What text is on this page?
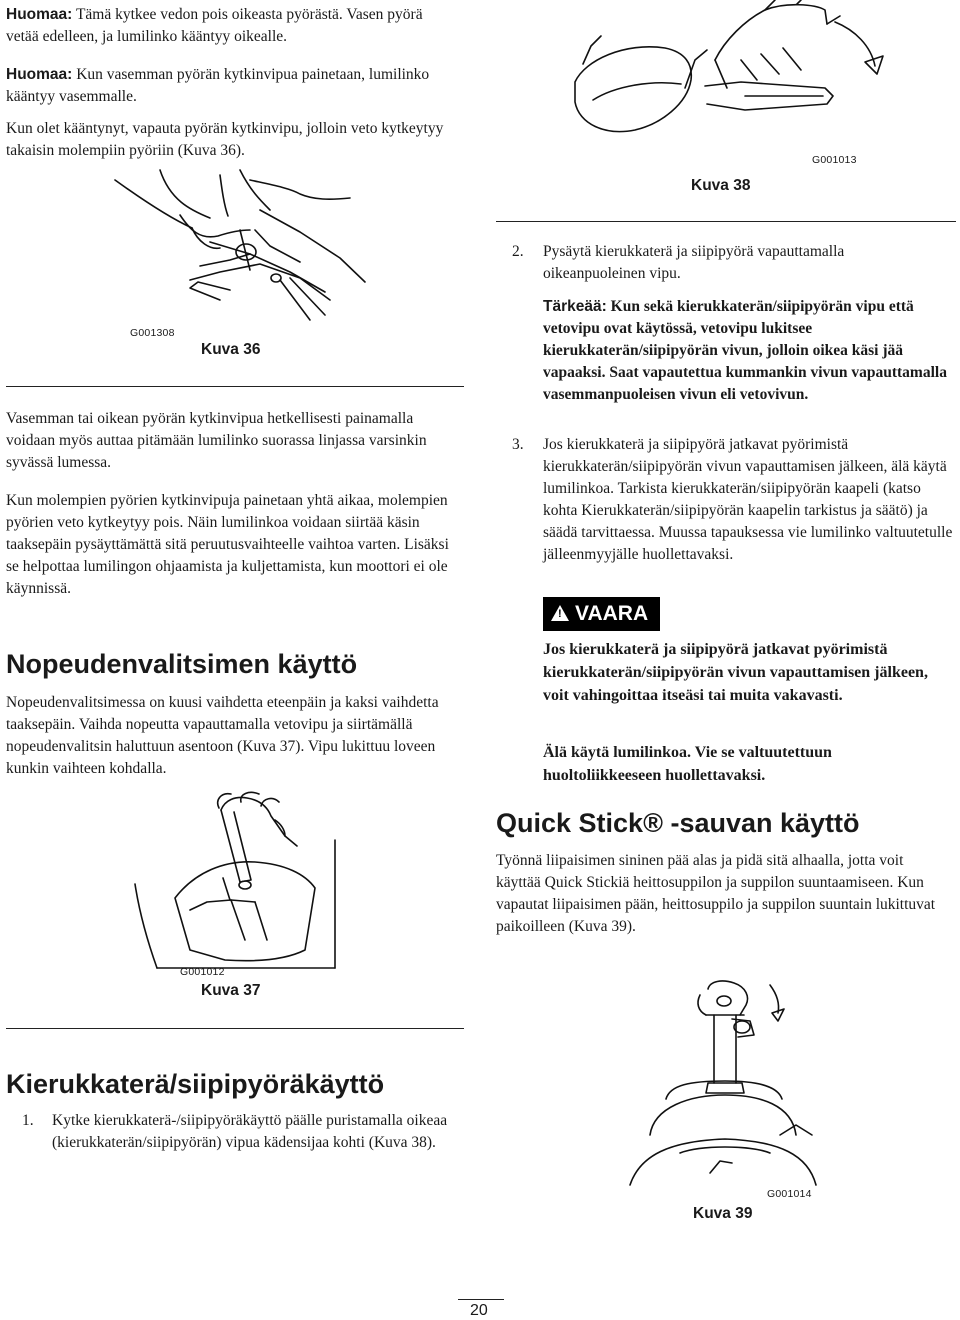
Huomaa: Tämä kytkee vedon pois oikeasta pyörästä. Vasen pyörä vetää edelleen, ja lumilinko kääntyy oikealle.

Huomaa: Kun vasemman pyörän kytkinvipua painetaan, lumilinko kääntyy vasemmalle.

Kun olet kääntynyt, vapauta pyörän kytkinvipu, jolloin veto kytkeytyy takaisin molempiin pyöriin (Kuva 36).

G001308
Kuva 36

Vasemman tai oikean pyörän kytkinvipua hetkellisesti painamalla voidaan myös auttaa pitämään lumilinko suorassa linjassa varsinkin syvässä lumessa.

Kun molempien pyörien kytkinvipuja painetaan yhtä aikaa, molempien pyörien veto kytkeytyy pois. Näin lumilinkoa voidaan siirtää käsin taaksepäin pysäyttämättä sitä peruutusvaihteelle vaihtoa varten. Lisäksi se helpottaa lumilingon ohjaamista ja kuljettamista, kun moottori ei ole käynnissä.

Nopeudenvalitsimen käyttö

Nopeudenvalitsimessa on kuusi vaihdetta eteenpäin ja kaksi vaihdetta taaksepäin. Vaihda nopeutta vapauttamalla vetovipu ja siirtämällä nopeudenvalitsin haluttuun asentoon (Kuva 37). Vipu lukittuu loveen kunkin vaihteen kohdalla.

G001012
Kuva 37
Kierukkaterä/siipipyöräkäyttö
1. Kytke kierukkaterä-/siipipyöräkäyttö päälle puristamalla oikeaa (kierukkaterän/siipipyörän) vipua kädensijaa kohti (Kuva 38).

G001013
Kuva 38
2. Pysäytä kierukkaterä ja siipipyörä vapauttamalla oikeanpuoleinen vipu.

Tärkeää: Kun sekä kierukkaterän/siipipyörän vipu että vetovipu ovat käytössä, vetovipu lukitsee kierukkaterän/siipipyörän vivun, jolloin oikea käsi jää vapaaksi. Saat vapautettua kummankin vivun vapauttamalla vasemmanpuoleisen vivun eli vetovivun.

3. Jos kierukkaterä ja siipipyörä jatkavat pyörimistä kierukkaterän/siipipyörän vivun vapauttamisen jälkeen, älä käytä lumilinkoa. Tarkista kierukkaterän/siipipyörän kaapeli (katso kohta Kierukkaterän/siipipyörän kaapelin tarkistus ja säätö) ja säädä tarvittaessa. Muussa tapauksessa vie lumilinko valtuutetulle jälleenmyyjälle huollettavaksi.

! VAARA

Jos kierukkaterä ja siipipyörä jatkavat pyörimistä kierukkaterän/siipipyörän vivun vapauttamisen jälkeen, voit vahingoittaa itseäsi tai muita vakavasti.

Älä käytä lumilinkoa. Vie se valtuutettuun huoltoliikkeeseen huollettavaksi.

Quick Stick® -sauvan käyttö

Työnnä liipaisimen sininen pää alas ja pidä sitä alhaalla, jotta voit käyttää Quick Stickiä heittosuppilon ja suppilon suuntaamiseen. Kun vapautat liipaisimen pään, heittosuppilo ja suppilon suuntain lukittuvat paikoilleen (Kuva 39).

G001014
Kuva 39
20
